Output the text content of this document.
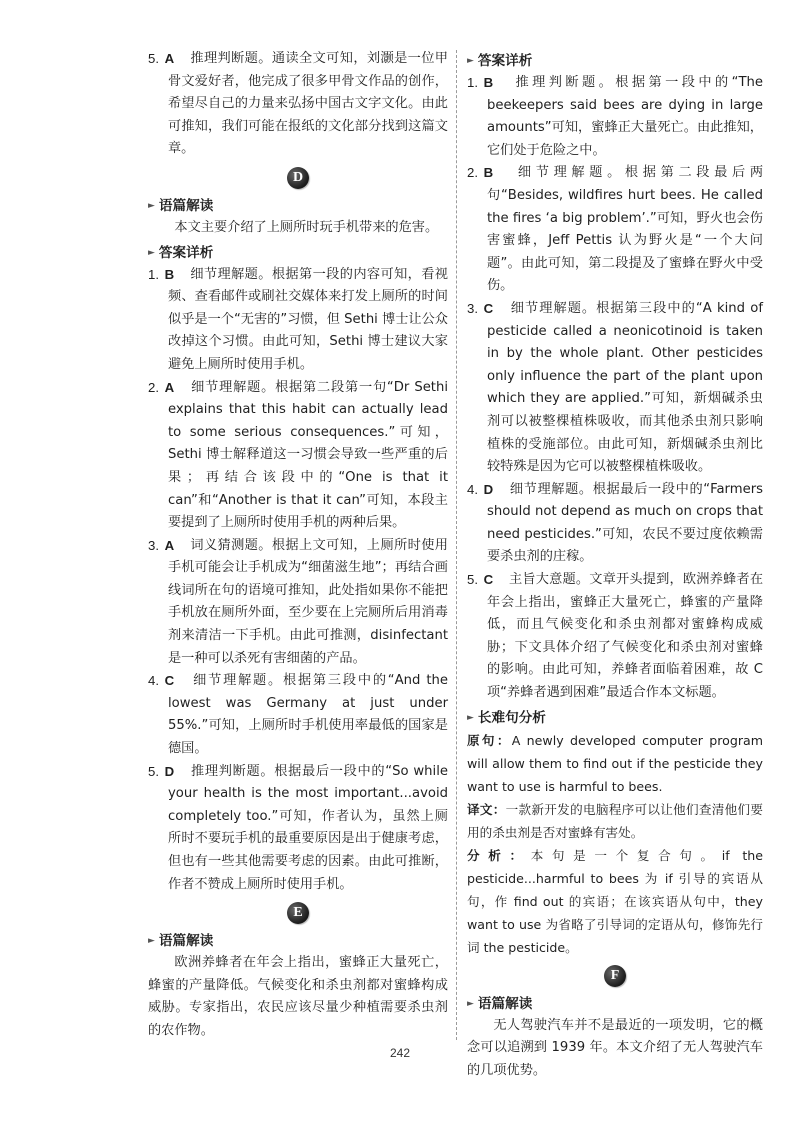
5. A
  推理判断题。通读全文可知，刘灏是一位甲骨文爱好者，他完成了很多甲骨文作品的创作，希望尽自己的力量来弘扬中国古文字文化。由此可推知，我们可能在报纸的文化部分找到这篇文章。
D
► 语篇解读
本文主要介绍了上厕所时玩手机带来的危害。
► 答案详析
1. B
  细节理解题。根据第一段的内容可知，看视频、查看邮件或刷社交媒体来打发上厕所的时间似乎是一个“无害的”习惯，但 Sethi 博士让公众改掉这个习惯。由此可知，Sethi 博士建议大家避免上厕所时使用手机。
2. A
  细节理解题。根据第二段第一句“Dr Sethi explains that this habit can actually lead to some serious consequences.”可知，Sethi 博士解释道这一习惯会导致一些严重的后果；再结合该段中的“One is that it can”和“Another is that it can”可知，本段主要提到了上厕所时使用手机的两种后果。
3. A
  词义猜测题。根据上文可知，上厕所时使用手机可能会让手机成为“细菌滋生地”；再结合画线词所在句的语境可推知，此处指如果你不能把手机放在厕所外面，至少要在上完厕所后用消毒剂来清洁一下手机。由此可推测，disinfectant 是一种可以杀死有害细菌的产品。
4. C
  细节理解题。根据第三段中的“And the lowest was Germany at just under 55%.”可知，上厕所时手机使用率最低的国家是德国。
5. D
  推理判断题。根据最后一段中的“So while your health is the most important...avoid completely too.”可知，作者认为，虽然上厕所时不要玩手机的最重要原因是出于健康考虑，但也有一些其他需要考虑的因素。由此可推断，作者不赞成上厕所时使用手机。
E
► 语篇解读
欧洲养蜂者在年会上指出，蜜蜂正大量死亡，蜂蜜的产量降低。气候变化和杀虫剂都对蜜蜂构成威胁。专家指出，农民应该尽量少种植需要杀虫剂的农作物。
► 答案详析
1. B
  推理判断题。根据第一段中的“The beekeepers said bees are dying in large amounts”可知，蜜蜂正大量死亡。由此推知，它们处于危险之中。
2. B
  细节理解题。根据第二段最后两句“Besides, wildfires hurt bees. He called the fires ‘a big problem’.”可知，野火也会伤害蜜蜂，Jeff Pettis 认为野火是“一个大问题”。由此可知，第二段提及了蜜蜂在野火中受伤。
3. C
  细节理解题。根据第三段中的“A kind of pesticide called a neonicotinoid is taken in by the whole plant. Other pesticides only influence the part of the plant upon which they are applied.”可知，新烟碱杀虫剂可以被整棵植株吸收，而其他杀虫剂只影响植株的受施部位。由此可知，新烟碱杀虫剂比较特殊是因为它可以被整棵植株吸收。
4. D
  细节理解题。根据最后一段中的“Farmers should not depend as much on crops that need pesticides.”可知，农民不要过度依赖需要杀虫剂的庄稼。
5. C
  主旨大意题。文章开头提到，欧洲养蜂者在年会上指出，蜜蜂正大量死亡，蜂蜜的产量降低，而且气候变化和杀虫剂都对蜜蜂构成威胁；下文具体介绍了气候变化和杀虫剂对蜜蜂的影响。由此可知，养蜂者面临着困难，故 C 项“养蜂者遇到困难”最适合作本文标题。
► 长难句分析
原句：A newly developed computer program will allow them to find out if the pesticide they want to use is harmful to bees.
译文：一款新开发的电脑程序可以让他们查清他们要用的杀虫剂是否对蜜蜂有害处。
分析：本句是一个复合句。if the pesticide...harmful to bees 为 if 引导的宾语从句，作 find out 的宾语；在该宾语从句中，they want to use 为省略了引导词的定语从句，修饰先行词 the pesticide。
F
► 语篇解读
无人驾驶汽车并不是最近的一项发明，它的概念可以追溯到 1939 年。本文介绍了无人驾驶汽车的几项优势。
242
